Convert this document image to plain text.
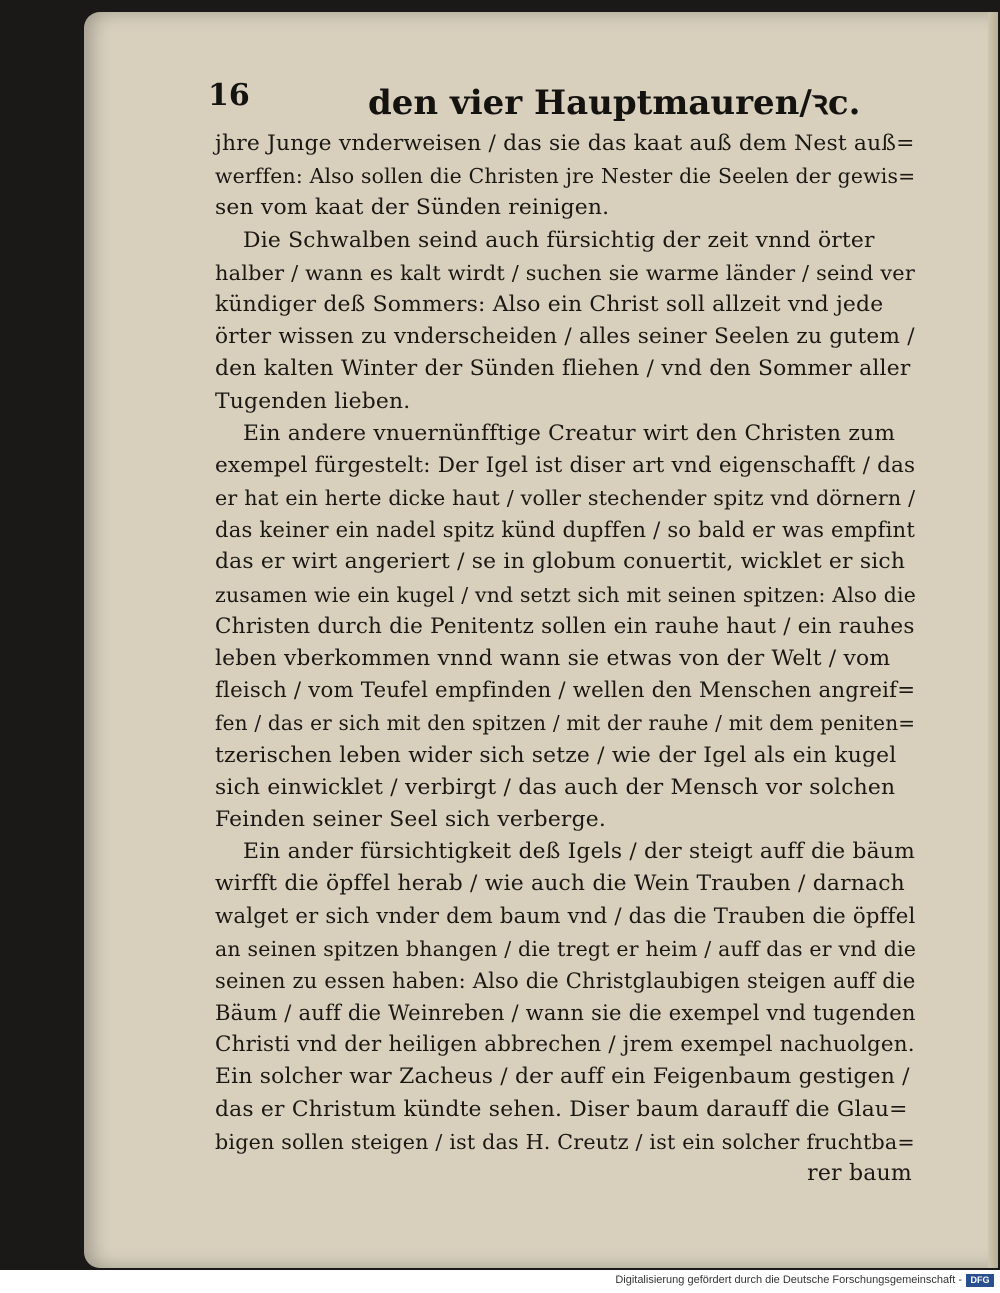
16	den vier Hauptmauren/ꝛc.
jhre Junge vnderweisen / das sie das kaat auß dem Nest auß=
werffen: Also sollen die Christen jre Nester die Seelen der gewis=
sen vom kaat der Sünden reinigen.
Die Schwalben seind auch fürsichtig der zeit vnnd örter
halber / wann es kalt wirdt / suchen sie warme länder / seind ver
kündiger deß Sommers: Also ein Christ soll allzeit vnd jede
örter wissen zu vnderscheiden / alles seiner Seelen zu gutem /
den kalten Winter der Sünden fliehen / vnd den Sommer aller
Tugenden lieben.
Ein andere vnuernünfftige Creatur wirt den Christen zum
exempel fürgestelt: Der Igel ist diser art vnd eigenschafft / das
er hat ein herte dicke haut / voller stechender spitz vnd dörnern /
das keiner ein nadel spitz künd dupffen / so bald er was empfint
das er wirt angeriert / se in globum conuertit, wicklet er sich
zusamen wie ein kugel / vnd setzt sich mit seinen spitzen: Also die
Christen durch die Penitentz sollen ein rauhe haut / ein rauhes
leben vberkommen vnnd wann sie etwas von der Welt / vom
fleisch / vom Teufel empfinden / wellen den Menschen angreif=
fen / das er sich mit den spitzen / mit der rauhe / mit dem peniten=
tzerischen leben wider sich setze / wie der Igel als ein kugel
sich einwicklet / verbirgt / das auch der Mensch vor solchen
Feinden seiner Seel sich verberge.
Ein ander fürsichtigkeit deß Igels / der steigt auff die bäum
wirfft die öpffel herab / wie auch die Wein Trauben / darnach
walget er sich vnder dem baum vnd / das die Trauben die öpffel
an seinen spitzen bhangen / die tregt er heim / auff das er vnd die
seinen zu essen haben: Also die Christglaubigen steigen auff die
Bäum / auff die Weinreben / wann sie die exempel vnd tugenden
Christi vnd der heiligen abbrechen / jrem exempel nachuolgen.
Ein solcher war Zacheus / der auff ein Feigenbaum gestigen /
das er Christum kündte sehen. Diser baum darauff die Glau=
bigen sollen steigen / ist das H. Creutz / ist ein solcher fruchtba=
rer baum
Digitalisierung gefördert durch die Deutsche Forschungsgemeinschaft - DFG
